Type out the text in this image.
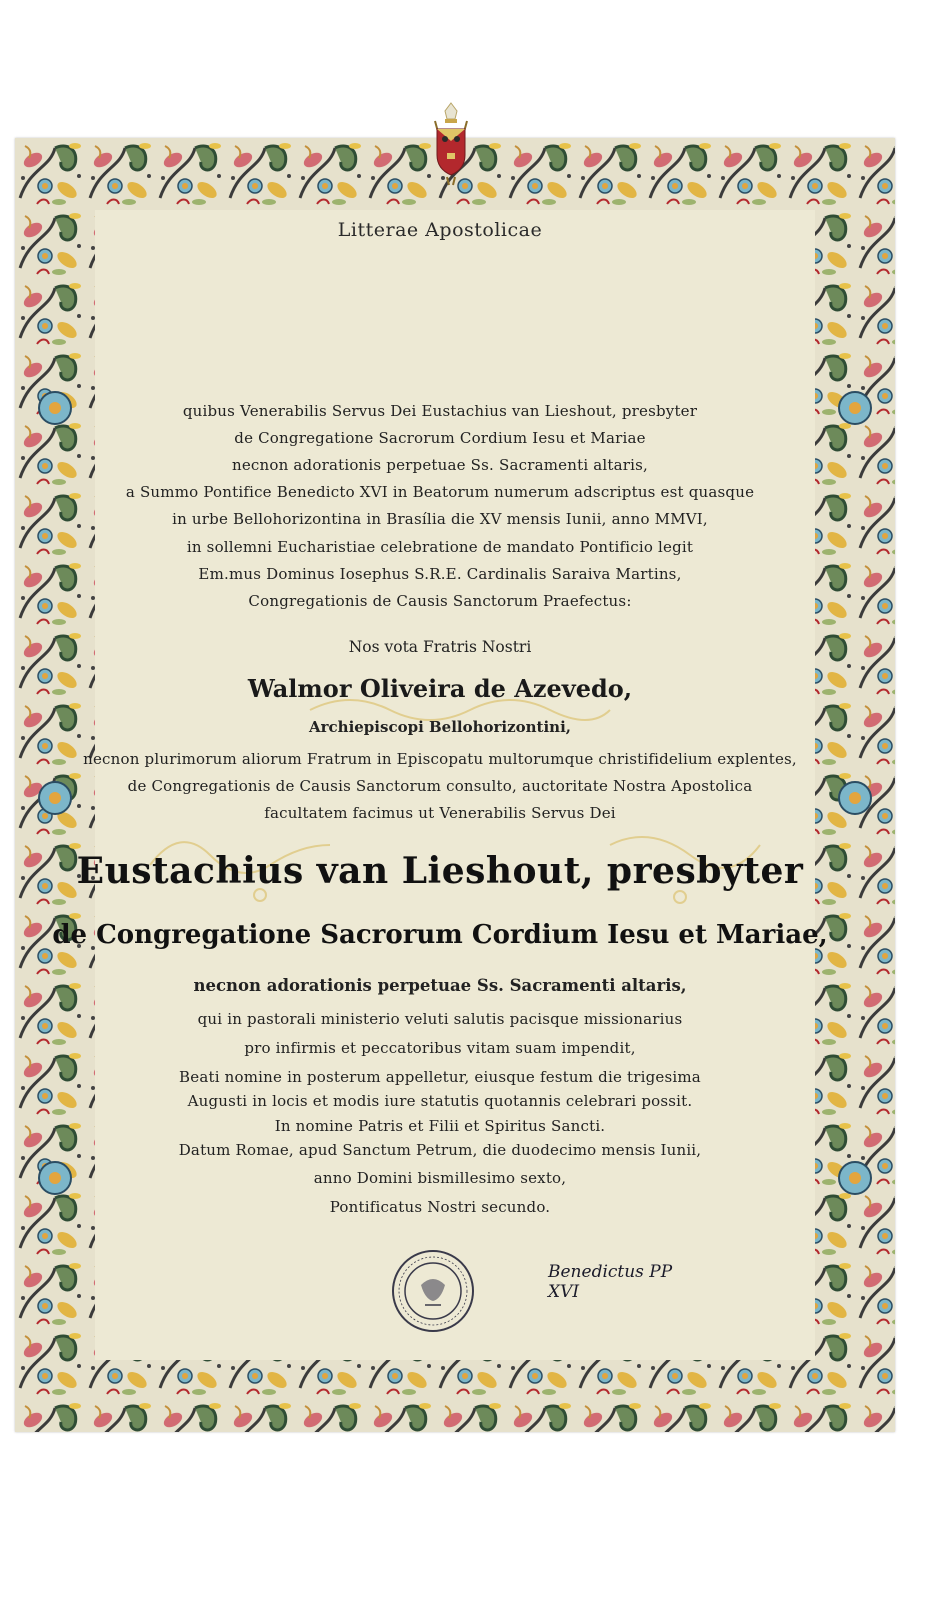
Litterae Apostolicae
quibus Venerabilis Servus Dei Eustachius van Lieshout, presbyter
de Congregatione Sacrorum Cordium Iesu et Mariae
necnon adorationis perpetuae Ss. Sacramenti altaris,
a Summo Pontifice Benedicto XVI in Beatorum numerum adscriptus est quasque
in urbe Bellohorizontina in Brasília die XV mensis Iunii, anno MMVI,
in sollemni Eucharistiae celebratione de mandato Pontificio legit
Em.mus Dominus Iosephus S.R.E. Cardinalis Saraiva Martins,
Congregationis de Causis Sanctorum Praefectus:
Nos vota Fratris Nostri
Walmor Oliveira de Azevedo,
Archiepiscopi Bellohorizontini,
necnon plurimorum aliorum Fratrum in Episcopatu multorumque christifidelium explentes,
de Congregationis de Causis Sanctorum consulto, auctoritate Nostra Apostolica
facultatem facimus ut Venerabilis Servus Dei
Eustachius van Lieshout, presbyter
de Congregatione Sacrorum Cordium Iesu et Mariae,
necnon adorationis perpetuae Ss. Sacramenti altaris,
qui in pastorali ministerio veluti salutis pacisque missionarius
pro infirmis et peccatoribus vitam suam impendit,
Beati nomine in posterum appelletur, eiusque festum die trigesima
Augusti in locis et modis iure statutis quotannis celebrari possit.
In nomine Patris et Filii et Spiritus Sancti.
Datum Romae, apud Sanctum Petrum, die duodecimo mensis Iunii,
anno Domini bismillesimo sexto,
Pontificatus Nostri secundo.
Benedictus PP XVI
